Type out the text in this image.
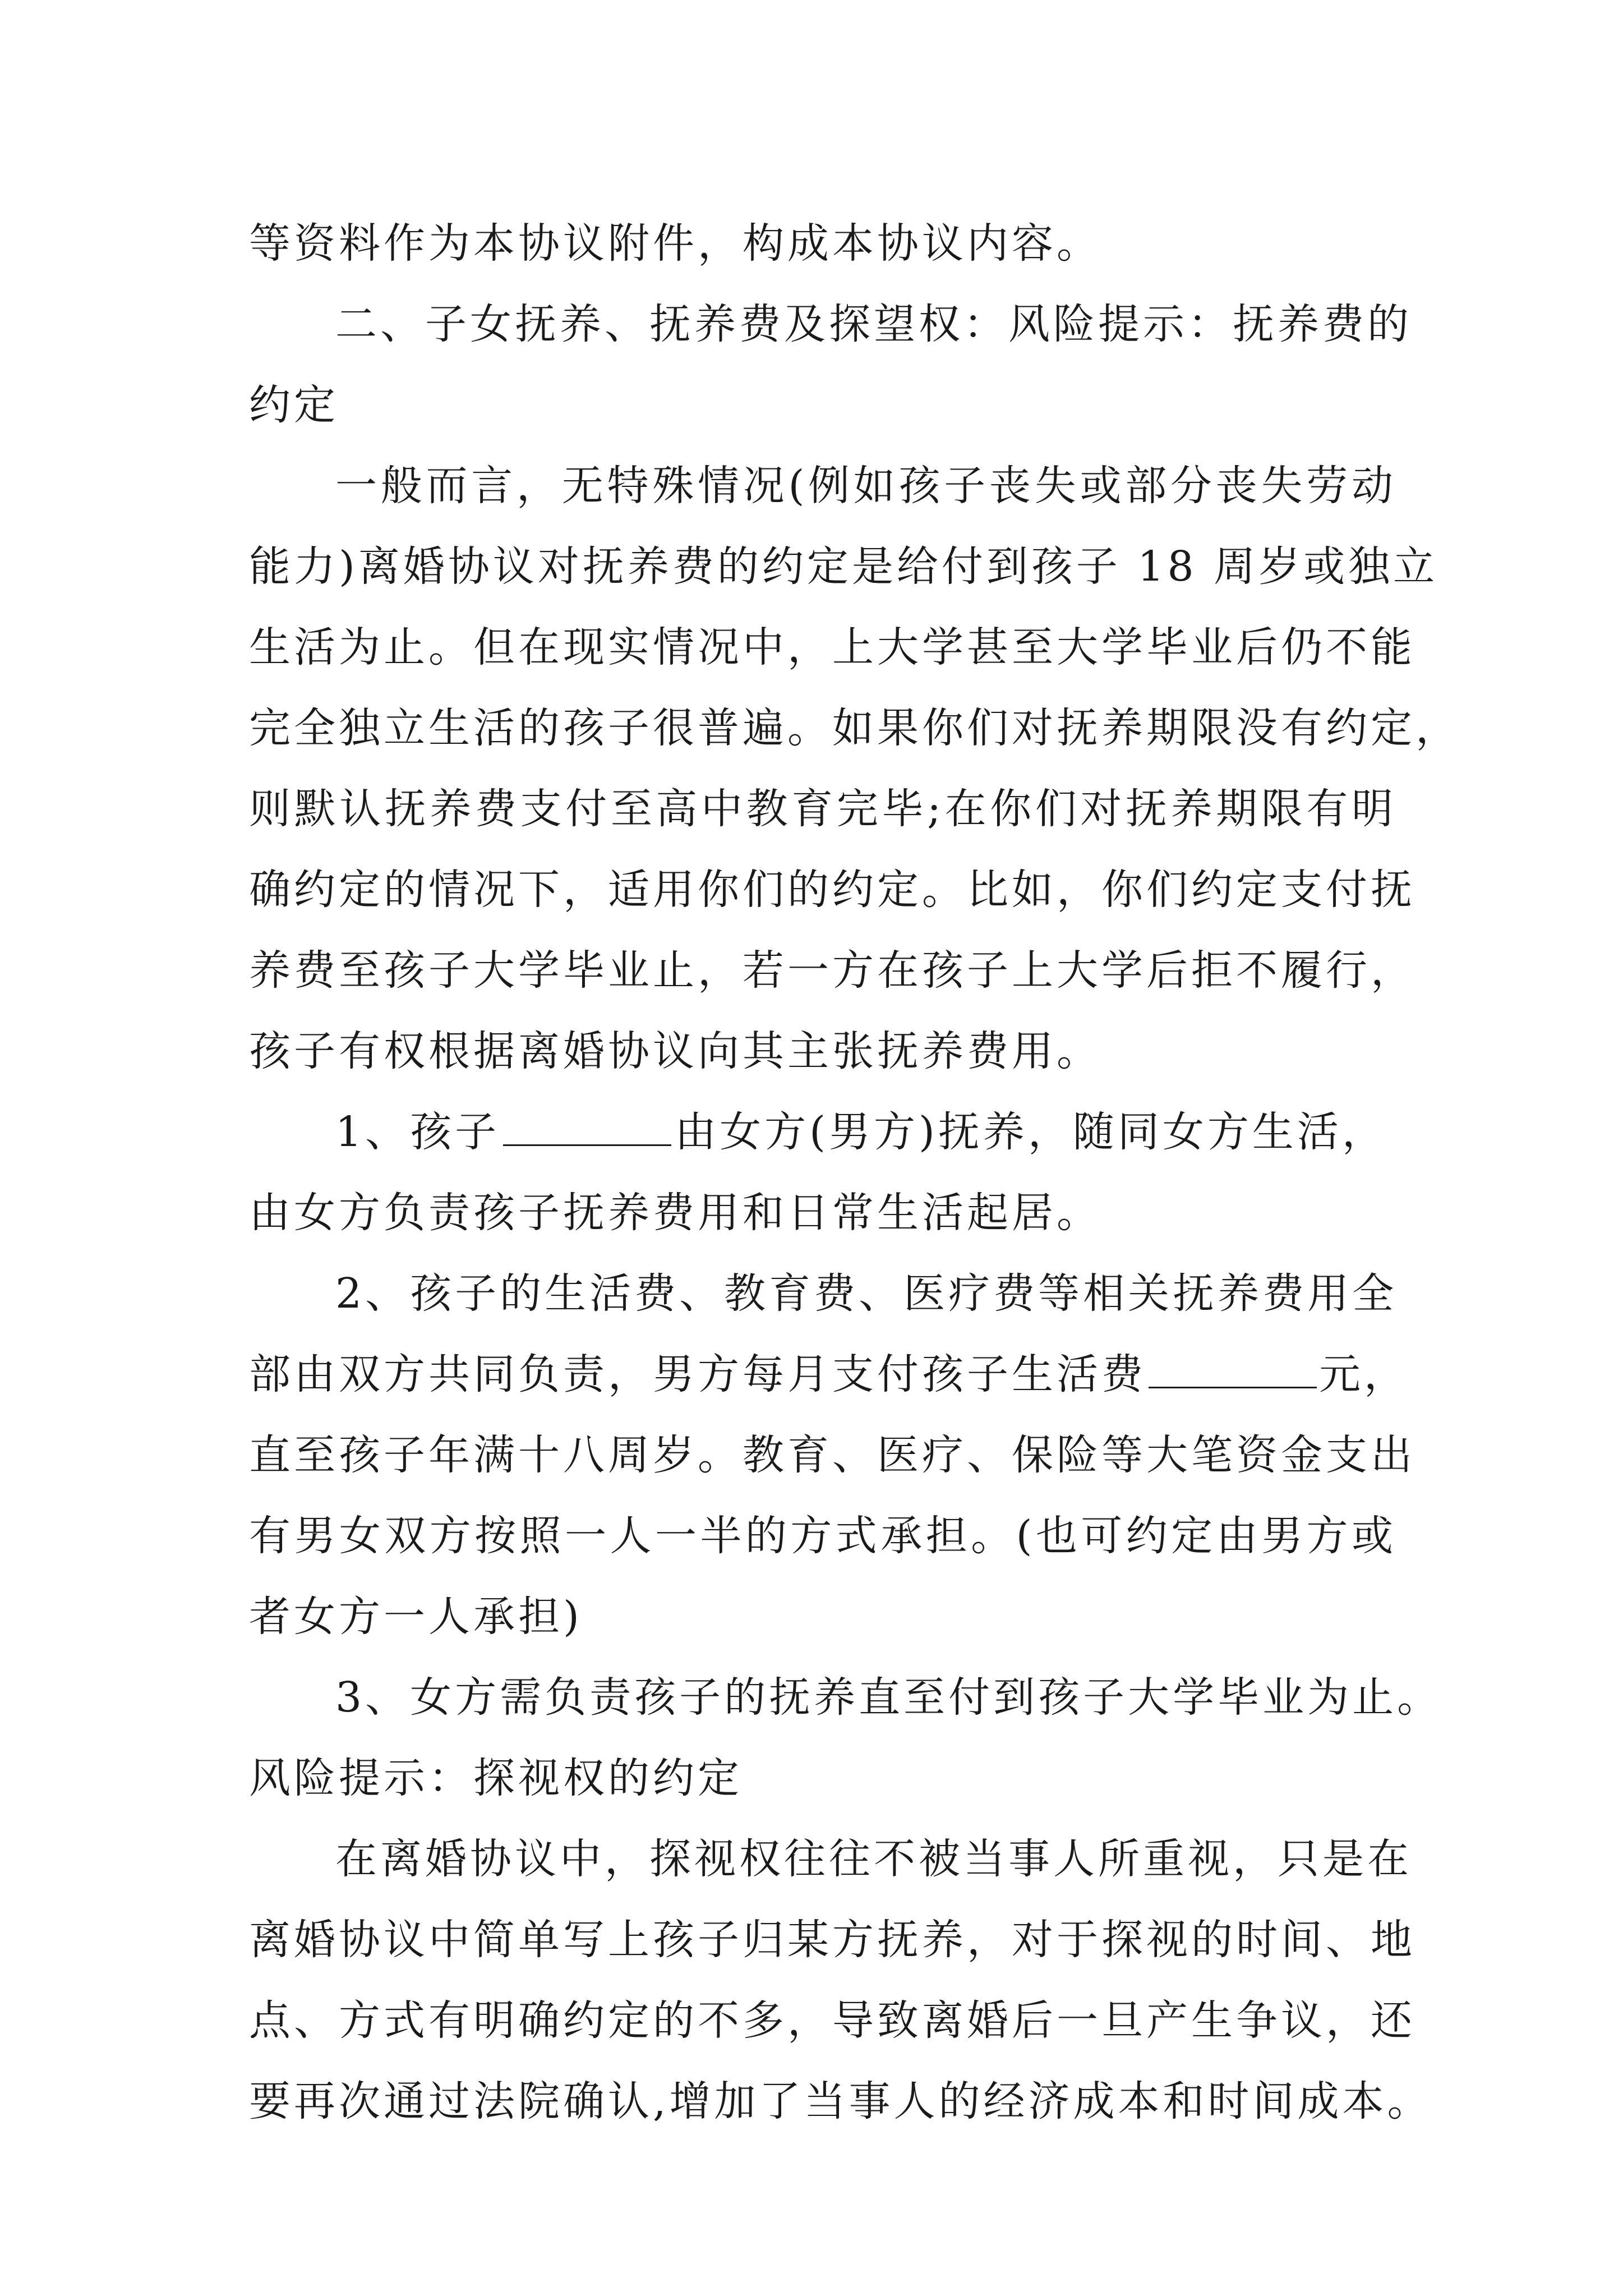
等资料作为本协议附件，构成本协议内容。
二、子女抚养、抚养费及探望权：风险提示：抚养费的
约定
一般而言，无特殊情况(例如孩子丧失或部分丧失劳动
能力)离婚协议对抚养费的约定是给付到孩子 18 周岁或独立
生活为止。但在现实情况中，上大学甚至大学毕业后仍不能
完全独立生活的孩子很普遍。如果你们对抚养期限没有约定，
则默认抚养费支付至高中教育完毕;在你们对抚养期限有明
确约定的情况下，适用你们的约定。比如，你们约定支付抚
养费至孩子大学毕业止，若一方在孩子上大学后拒不履行，
孩子有权根据离婚协议向其主张抚养费用。
1、孩子	由女方(男方)抚养，随同女方生活，
由女方负责孩子抚养费用和日常生活起居。
2、孩子的生活费、教育费、医疗费等相关抚养费用全
部由双方共同负责，男方每月支付孩子生活费	元，
直至孩子年满十八周岁。教育、医疗、保险等大笔资金支出
有男女双方按照一人一半的方式承担。(也可约定由男方或
者女方一人承担)
3、女方需负责孩子的抚养直至付到孩子大学毕业为止。
风险提示：探视权的约定
在离婚协议中，探视权往往不被当事人所重视，只是在
离婚协议中简单写上孩子归某方抚养，对于探视的时间、地
点、方式有明确约定的不多，导致离婚后一旦产生争议，还
要再次通过法院确认,增加了当事人的经济成本和时间成本。
